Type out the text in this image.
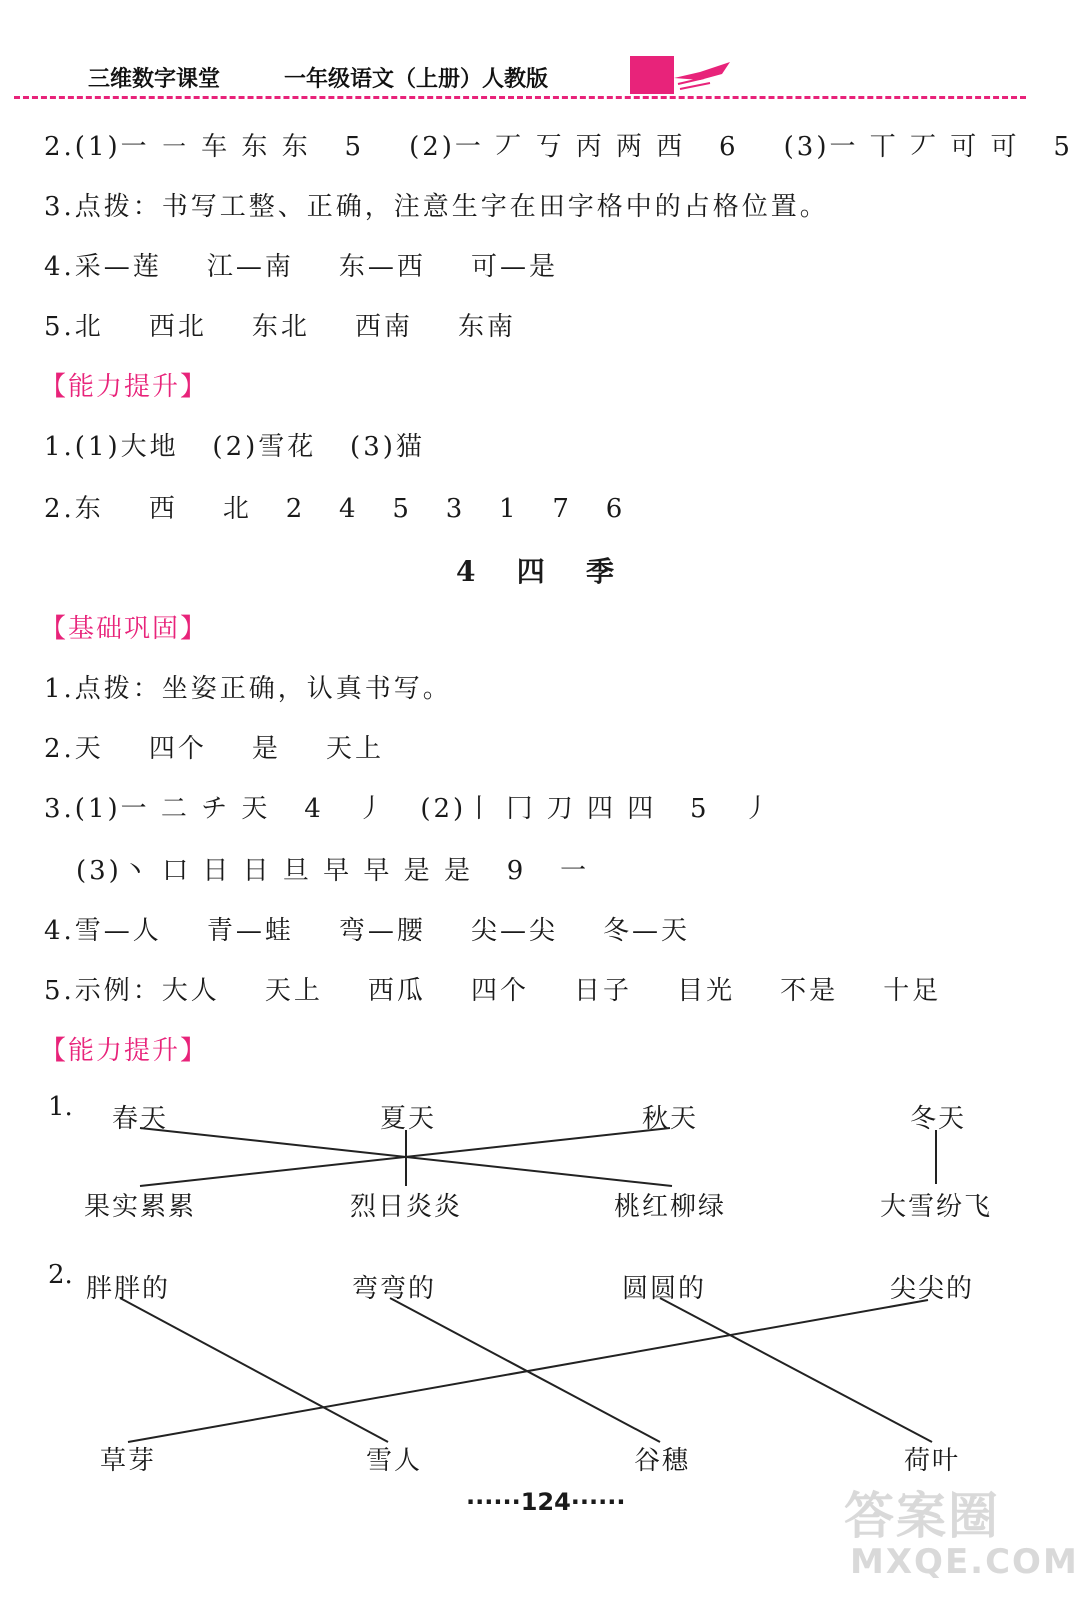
三维数字课堂	一年级语文（上册）人教版
2.(1)一 ㇐ 车 东 东   5    (2)一 丆 丂 丙 两 西   6    (3)一 丅 丆 可 可   5
3.点拨：书写工整、正确，注意生字在田字格中的占格位置。
4.采—莲    江—南    东—西    可—是
5.北    西北    东北    西南    东南
【能力提升】
1.(1)大地   (2)雪花   (3)猫
2.东    西    北   2   4   5   3   1   7   6
4   四   季
【基础巩固】
1.点拨：坐姿正确，认真书写。
2.天    四个    是    天上
3.(1)一 二 チ 天   4   丿   (2)丨 冂 刀 四 四   5   丿
(3)丶 口 日 日 旦 早 早 是 是   9   一
4.雪—人    青—蛙    弯—腰    尖—尖    冬—天
5.示例：大人    天上    西瓜    四个    日子    目光    不是    十足
【能力提升】
1. 春天	夏天	秋天	冬天
果实累累	烈日炎炎	桃红柳绿	大雪纷飞
2. 胖胖的	弯弯的	圆圆的	尖尖的
草芽	雪人	谷穗	荷叶
······124······	答案圈
MXQE.COM
